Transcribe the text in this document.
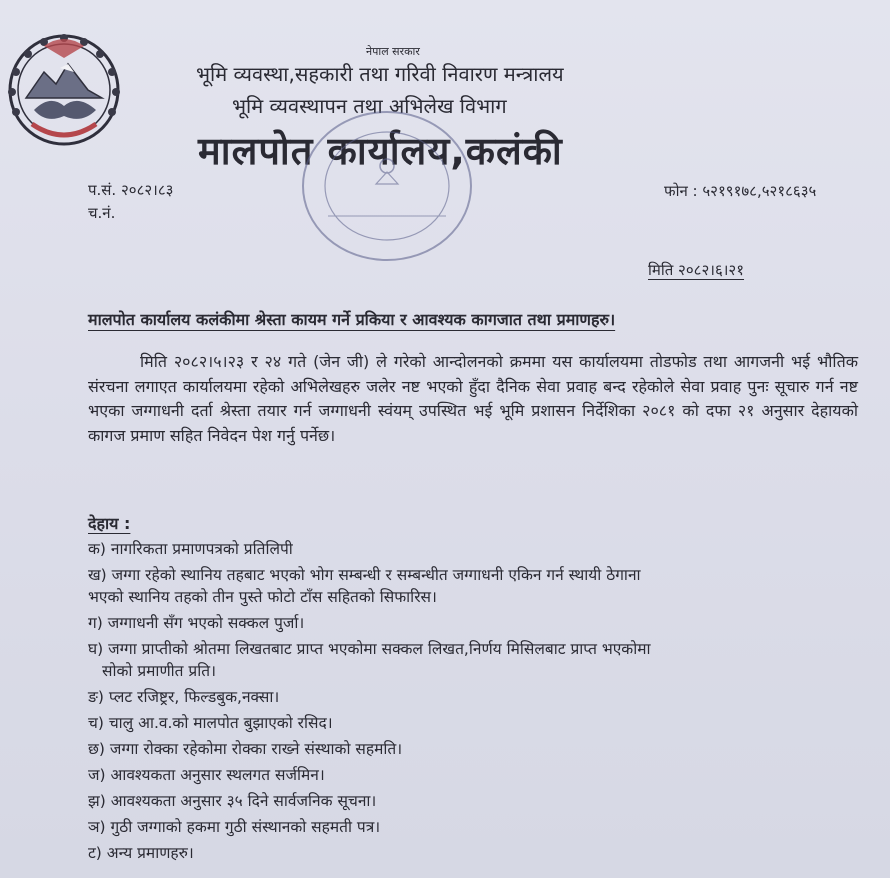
नेपाल सरकार
भूमि व्यवस्था,सहकारी तथा गरिवी निवारण मन्त्रालय
भूमि व्यवस्थापन तथा अभिलेख विभाग
मालपोत कार्यालय,कलंकी
प.सं. २०८२।८३
च.नं.
फोन : ५२१९१७८,५२१८६३५
मिति २०८२।६।२१
मालपोत कार्यालय कलंकीमा श्रेस्ता कायम गर्ने प्रकिया र आवश्यक कागजात तथा प्रमाणहरु।

मिति २०८२।५।२३ र २४ गते (जेन जी) ले गरेको आन्दोलनको क्रममा यस कार्यालयमा तोडफोड तथा आगजनी भई भौतिक संरचना लगाएत कार्यालयमा रहेको अभिलेखहरु जलेर नष्ट भएको हुँदा दैनिक सेवा प्रवाह बन्द रहेकोले सेवा प्रवाह पुनः सूचारु गर्न नष्ट भएका जग्गाधनी दर्ता श्रेस्ता तयार गर्न जग्गाधनी स्वंयम् उपस्थित भई भूमि प्रशासन निर्देशिका २०८१ को दफा २१ अनुसार देहायको कागज प्रमाण सहित निवेदन पेश गर्नु पर्नेछ।

देहाय :
क) नागरिकता प्रमाणपत्रको प्रतिलिपी
ख) जग्गा रहेको स्थानिय तहबाट भएको भोग सम्बन्धी र सम्बन्धीत जग्गाधनी एकिन गर्न स्थायी ठेगाना
भएको स्थानिय तहको तीन पुस्ते फोटो टाँस सहितको सिफारिस।
ग) जग्गाधनी सँग भएको सक्कल पुर्जा।
घ) जग्गा प्राप्तीको श्रोतमा लिखतबाट प्राप्त भएकोमा सक्कल लिखत,निर्णय मिसिलबाट प्राप्त भएकोमा
सोको प्रमाणीत प्रति।
ङ) प्लट रजिष्ट्रर, फिल्डबुक,नक्सा।
च) चालु आ.व.को मालपोत बुझाएको रसिद।
छ) जग्गा रोक्का रहेकोमा रोक्का राख्ने संस्थाको सहमति।
ज) आवश्यकता अनुसार स्थलगत सर्जमिन।
झ) आवश्यकता अनुसार ३५ दिने सार्वजनिक सूचना।
ञ) गुठी जग्गाको हकमा गुठी संस्थानको सहमती पत्र।
ट) अन्य प्रमाणहरु।
